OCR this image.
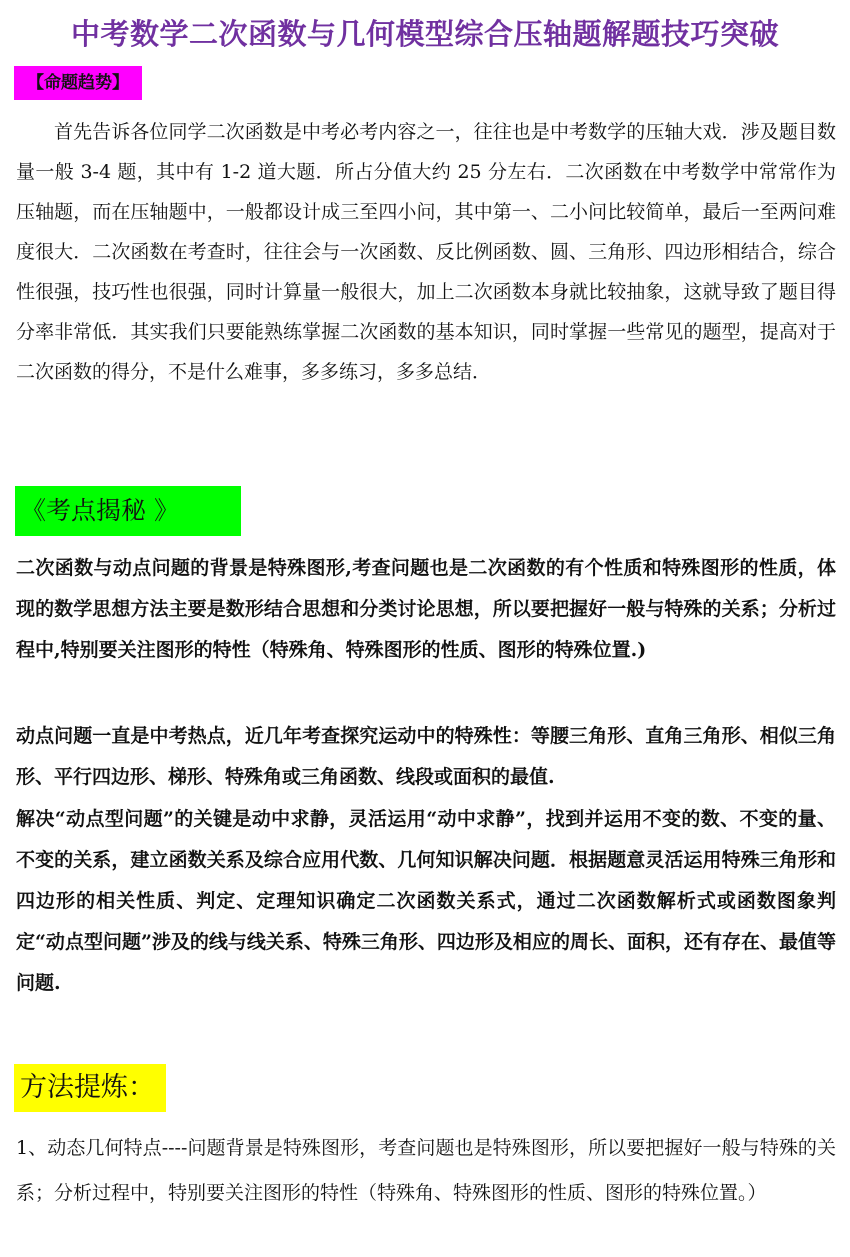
中考数学二次函数与几何模型综合压轴题解题技巧突破
【命题趋势】

首先告诉各位同学二次函数是中考必考内容之一，往往也是中考数学的压轴大戏．涉及题目数量一般 3-4 题，其中有 1-2 道大题．所占分值大约 25 分左右．二次函数在中考数学中常常作为压轴题，而在压轴题中，一般都设计成三至四小问，其中第一、二小问比较简单，最后一至两问难度很大．二次函数在考查时，往往会与一次函数、反比例函数、圆、三角形、四边形相结合，综合性很强，技巧性也很强，同时计算量一般很大，加上二次函数本身就比较抽象，这就导致了题目得分率非常低．其实我们只要能熟练掌握二次函数的基本知识，同时掌握一些常见的题型，提高对于二次函数的得分，不是什么难事，多多练习，多多总结．

《考点揭秘 》

二次函数与动点问题的背景是特殊图形,考查问题也是二次函数的有个性质和特殊图形的性质，体现的数学思想方法主要是数形结合思想和分类讨论思想，所以要把握好一般与特殊的关系；分析过程中,特别要关注图形的特性（特殊角、特殊图形的性质、图形的特殊位置.)

动点问题一直是中考热点，近几年考查探究运动中的特殊性：等腰三角形、直角三角形、相似三角形、平行四边形、梯形、特殊角或三角函数、线段或面积的最值.

解决“动点型问题”的关键是动中求静，灵活运用“动中求静”，找到并运用不变的数、不变的量、不变的关系，建立函数关系及综合应用代数、几何知识解决问题．根据题意灵活运用特殊三角形和四边形的相关性质、判定、定理知识确定二次函数关系式，通过二次函数解析式或函数图象判定“动点型问题”涉及的线与线关系、特殊三角形、四边形及相应的周长、面积，还有存在、最值等问题.

方法提炼：

1、动态几何特点----问题背景是特殊图形，考查问题也是特殊图形，所以要把握好一般与特殊的关系；分析过程中，特别要关注图形的特性（特殊角、特殊图形的性质、图形的特殊位置。）
